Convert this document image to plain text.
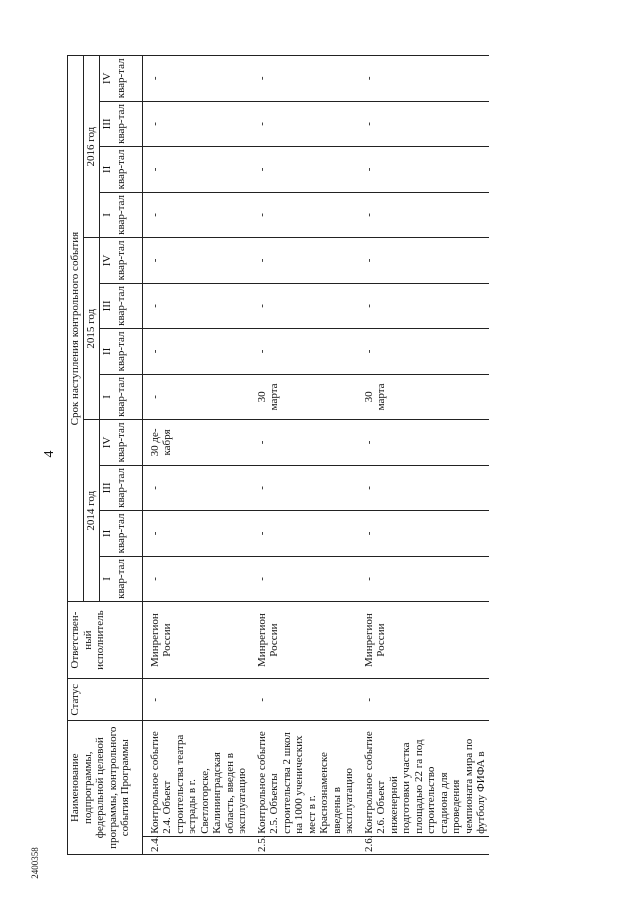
4
2400358
Наименование подпрограммы, федеральной целевой программы, контрольного события Программы		Статус	Ответствен-ный исполнитель	Срок наступления контрольного события											
				2014 год				2015 год				2016 год			
				I	II	III	IV	I	II	III	IV	I	II	III	IV
				квар-тал	квар-тал	квар-тал	квар-тал	квар-тал	квар-тал	квар-тал	квар-тал	квар-тал	квар-тал	квар-тал	квар-тал
2.4.	Контрольное событие 2.4. Объект строительства театра эстрады в г. Светлогорске, Калининградская область, введен в эксплуатацию	-	Минрегион России	-	-	-	30 де-кабря	-	-	-	-	-	-	-	-
2.5.	Контрольное событие 2.5. Объекты строительства 2 школ на 1000 ученических мест в г. Краснознаменске введены в эксплуатацию	-	Минрегион России	-	-	-	-	30 марта	-	-	-	-	-	-	-
2.6.	Контрольное событие 2.6. Объект инженерной подготовки участка площадью 22 га под строительство стадиона для проведения чемпионата мира по футболу ФИФА в	-	Минрегион России	-	-	-	-	30 марта	-	-	-	-	-	-	-
